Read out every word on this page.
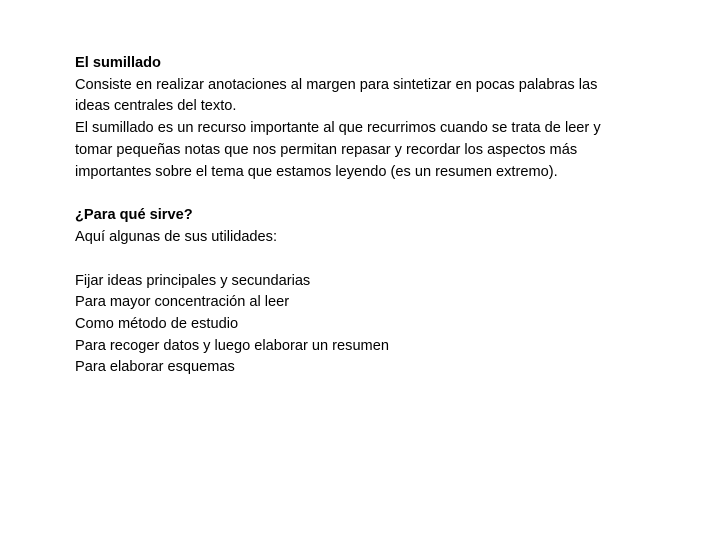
El sumillado
Consiste en realizar anotaciones al margen para sintetizar en pocas palabras las ideas centrales del texto.
El sumillado es un recurso importante al que recurrimos cuando se trata de leer y tomar pequeñas notas que nos permitan repasar y recordar los aspectos más importantes sobre el tema que estamos leyendo (es un resumen extremo).
¿Para qué sirve?
Aquí algunas de sus utilidades:
Fijar ideas principales y secundarias
Para mayor concentración al leer
Como método de estudio
Para recoger datos y luego elaborar un resumen
Para elaborar esquemas
